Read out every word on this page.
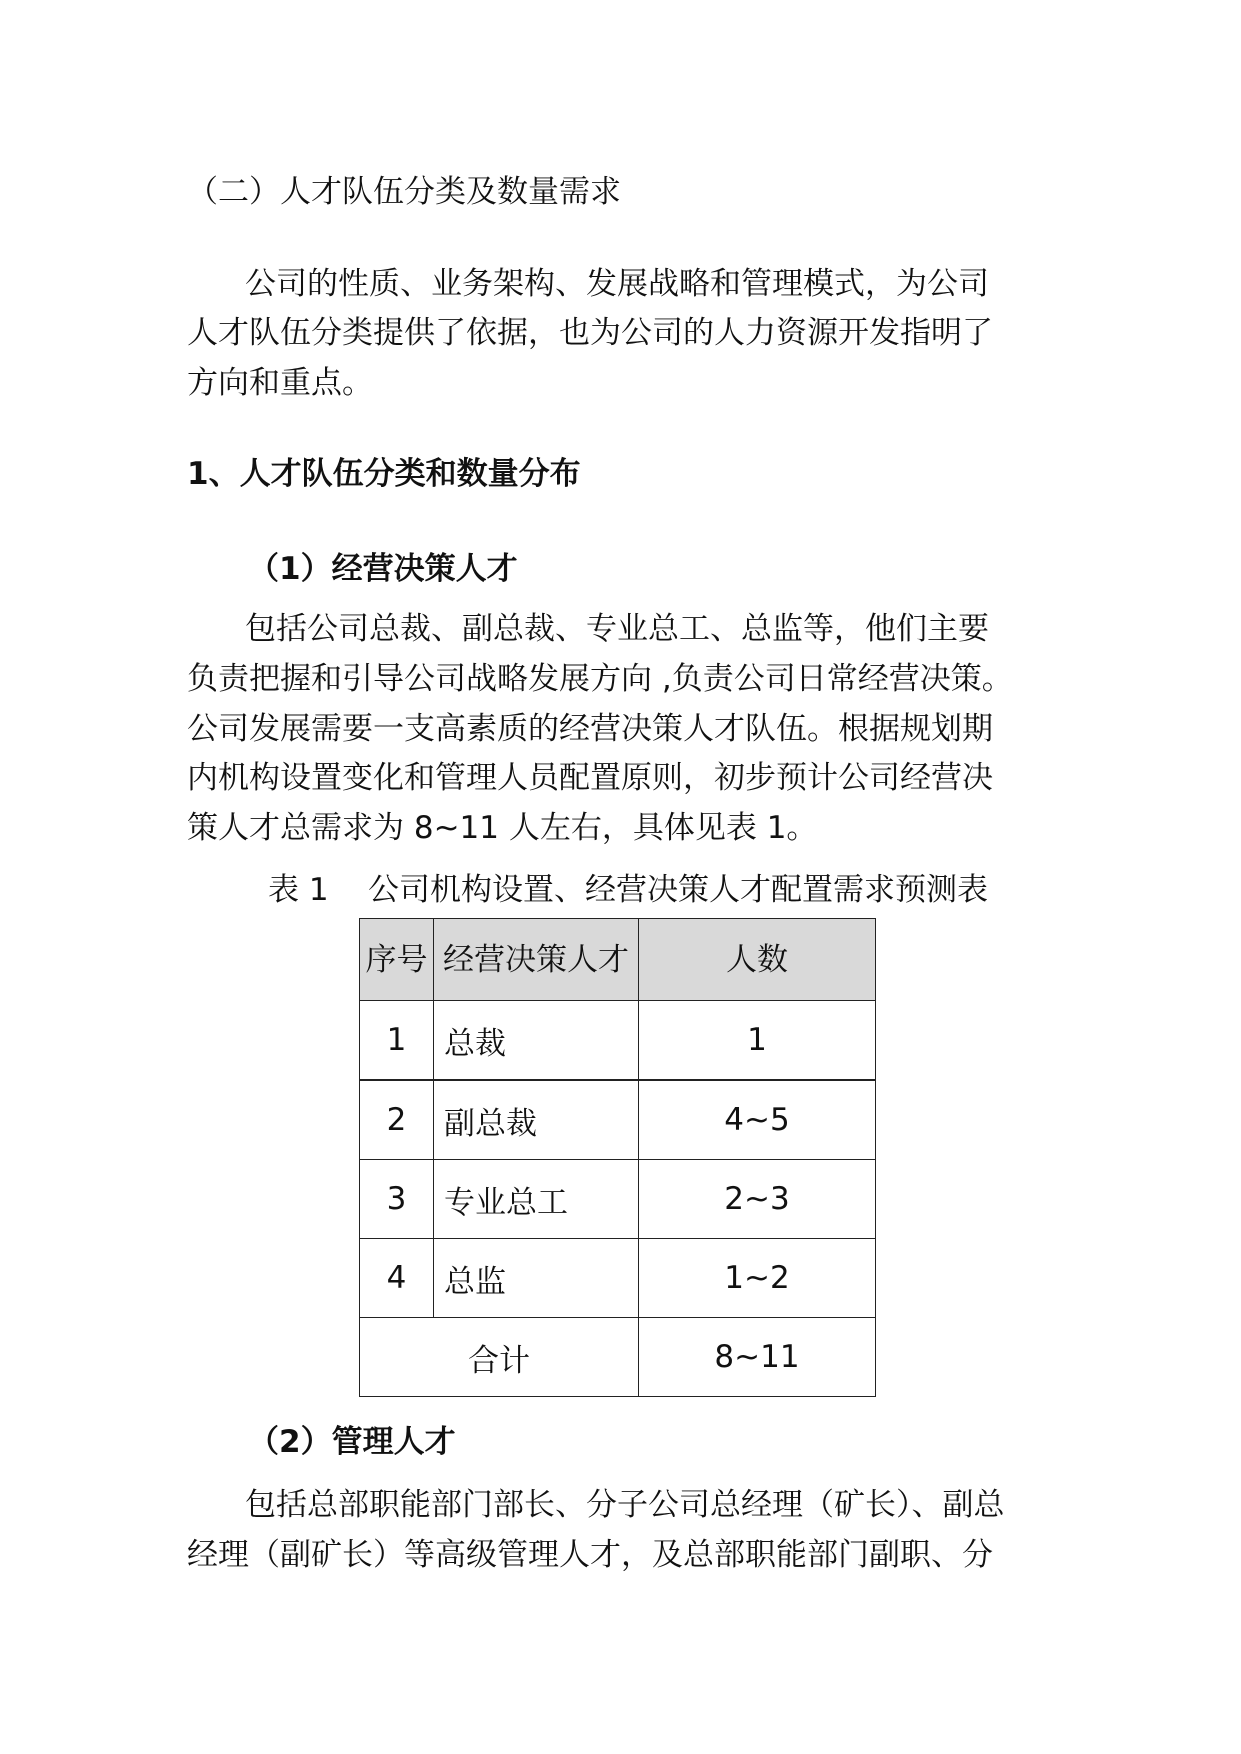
（二）人才队伍分类及数量需求
公司的性质、业务架构、发展战略和管理模式，为公司
人才队伍分类提供了依据，也为公司的人力资源开发指明了
方向和重点。
1、人才队伍分类和数量分布
（1）经营决策人才
包括公司总裁、副总裁、专业总工、总监等，他们主要
负责把握和引导公司战略发展方向 ,负责公司日常经营决策。
公司发展需要一支高素质的经营决策人才队伍。根据规划期
内机构设置变化和管理人员配置原则，初步预计公司经营决
策人才总需求为 8~11 人左右，具体见表 1。
表 1    公司机构设置、经营决策人才配置需求预测表
序号	经营决策人才	人数
1	总裁	1
2	副总裁	4~5
3	专业总工	2~3
4	总监	1~2
合计		8~11
（2）管理人才
包括总部职能部门部长、分子公司总经理（矿长）、副总
经理（副矿长）等高级管理人才，及总部职能部门副职、分
